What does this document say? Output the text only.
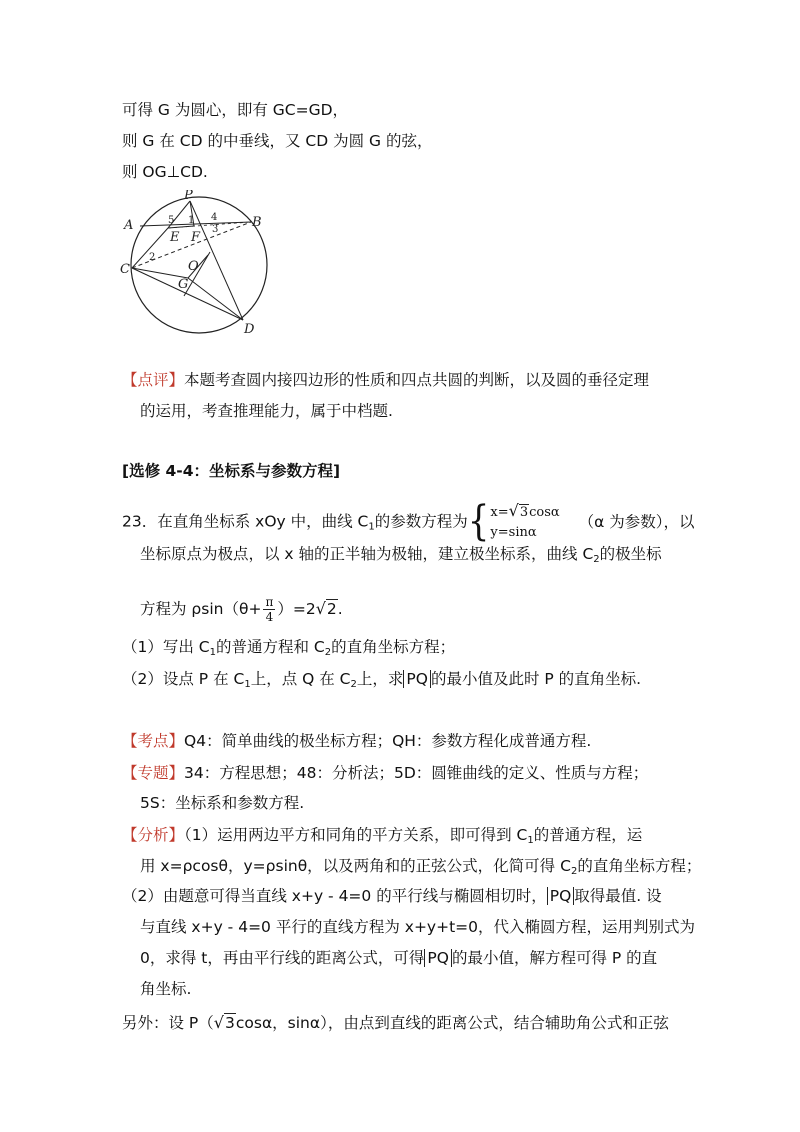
可得 G 为圆心，即有 GC=GD，
则 G 在 CD 的中垂线，又 CD 为圆 G 的弦，
则 OG⊥CD.
P
A	B
C
D
E F
O
G
1
2
3
4
5
【点评】本题考查圆内接四边形的性质和四点共圆的判断，以及圆的垂径定理
的运用，考查推理能力，属于中档题.
[选修 4-4：坐标系与参数方程]
23．在直角坐标系 xOy 中，曲线 $C_1$的参数方程为{ x=√3cosα
y=sinα
（α 为参数），以
坐标原点为极点，以 x 轴的正半轴为极轴，建立极坐标系，曲线 $C_2$的极坐标
方程为 $\rho\sin(\theta+ \frac{\pi}{4} )=2√2$.
（1）写出 $C_1$的普通方程和 $C_2$的直角坐标方程；
（2）设点 P 在 $C_1$上，点 Q 在 $C_2$上，求 PQ 的最小值及此时 P 的直角坐标.
【考点】Q4：简单曲线的极坐标方程；QH：参数方程化成普通方程.
【专题】34：方程思想；48：分析法；5D：圆锥曲线的定义、性质与方程；
5S：坐标系和参数方程.
【分析】（1）运用两边平方和同角的平方关系，即可得到 $C_1$的普通方程，运
用 x=ρcosθ，y=ρsinθ，以及两角和的正弦公式，化简可得 $C_2$的直角坐标方程；
（2）由题意可得当直线 x+y - 4=0 的平行线与椭圆相切时， PQ 取得最值. 设
与直线 x+y - 4=0 平行的直线方程为 x+y+t=0，代入椭圆方程，运用判别式为
0，求得 t，再由平行线的距离公式，可得 PQ 的最小值，解方程可得 P 的直
角坐标.
另外：设 P（√3cosα，sinα），由点到直线的距离公式，结合辅助角公式和正弦
